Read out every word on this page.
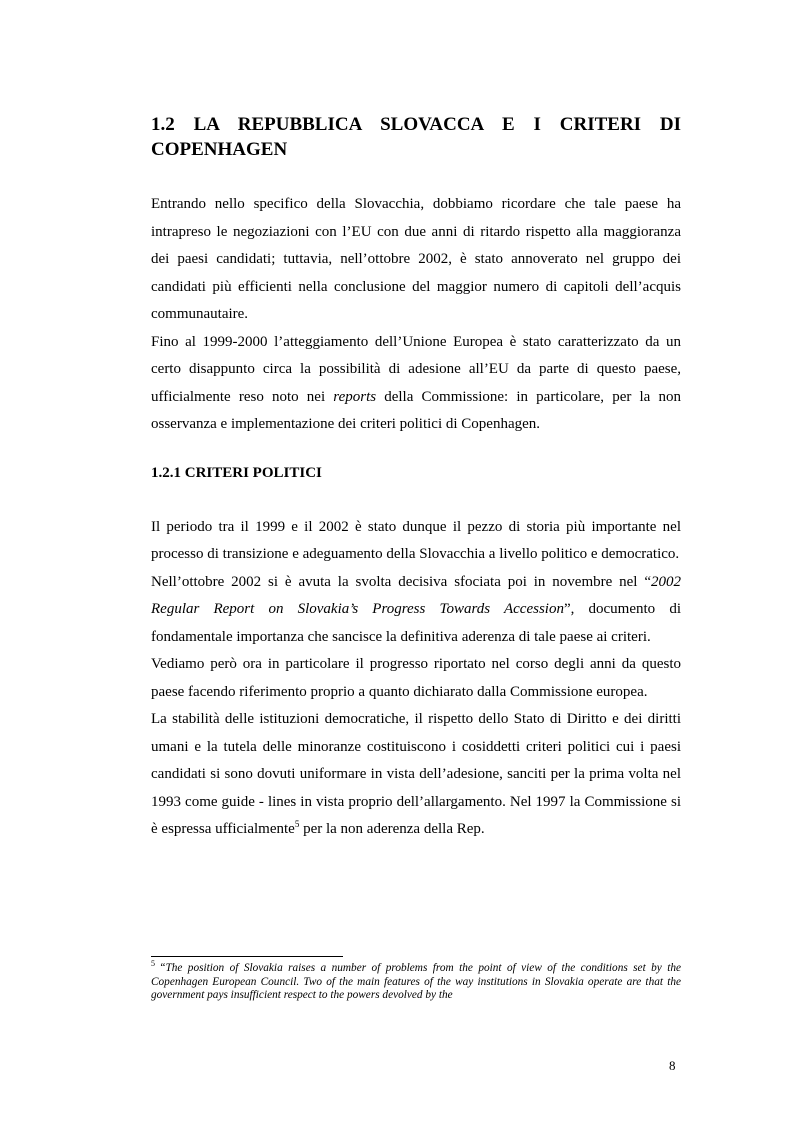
1.2 LA REPUBBLICA SLOVACCA E I CRITERI DI
COPENHAGEN

Entrando nello specifico della Slovacchia, dobbiamo ricordare che tale paese ha intrapreso le negoziazioni con l’EU con due anni di ritardo rispetto alla maggioranza dei paesi candidati; tuttavia, nell’ottobre 2002, è stato annoverato nel gruppo dei candidati più efficienti nella conclusione del maggior numero di capitoli dell’acquis communautaire.

Fino al 1999-2000 l’atteggiamento dell’Unione Europea è stato caratterizzato da un certo disappunto circa la possibilità di adesione all’EU da parte di questo paese, ufficialmente reso noto nei reports della Commissione: in particolare, per la non osservanza e implementazione dei criteri politici di Copenhagen.

1.2.1 CRITERI POLITICI

Il periodo tra il 1999 e il 2002 è stato dunque il pezzo di storia più importante nel processo di transizione e adeguamento della Slovacchia a livello politico e democratico.

Nell’ottobre 2002 si è avuta la svolta decisiva sfociata poi in novembre nel “2002 Regular Report on Slovakia’s Progress Towards Accession”, documento di fondamentale importanza che sancisce la definitiva aderenza di tale paese ai criteri.

Vediamo però ora in particolare il progresso riportato nel corso degli anni da questo paese facendo riferimento proprio a quanto dichiarato dalla Commissione europea.

La stabilità delle istituzioni democratiche, il rispetto dello Stato di Diritto e dei diritti umani e la tutela delle minoranze costituiscono i cosiddetti criteri politici cui i paesi candidati si sono dovuti uniformare in vista dell’adesione, sanciti per la prima volta nel 1993 come guide - lines in vista proprio dell’allargamento. Nel 1997 la Commissione si è espressa ufficialmente$^5$ per la non aderenza della Rep.

$^5$ “The position of Slovakia raises a number of problems from the point of view of the conditions set by the Copenhagen European Council. Two of the main features of the way institutions in Slovakia operate are that the government pays insufficient respect to the powers devolved by the

8
